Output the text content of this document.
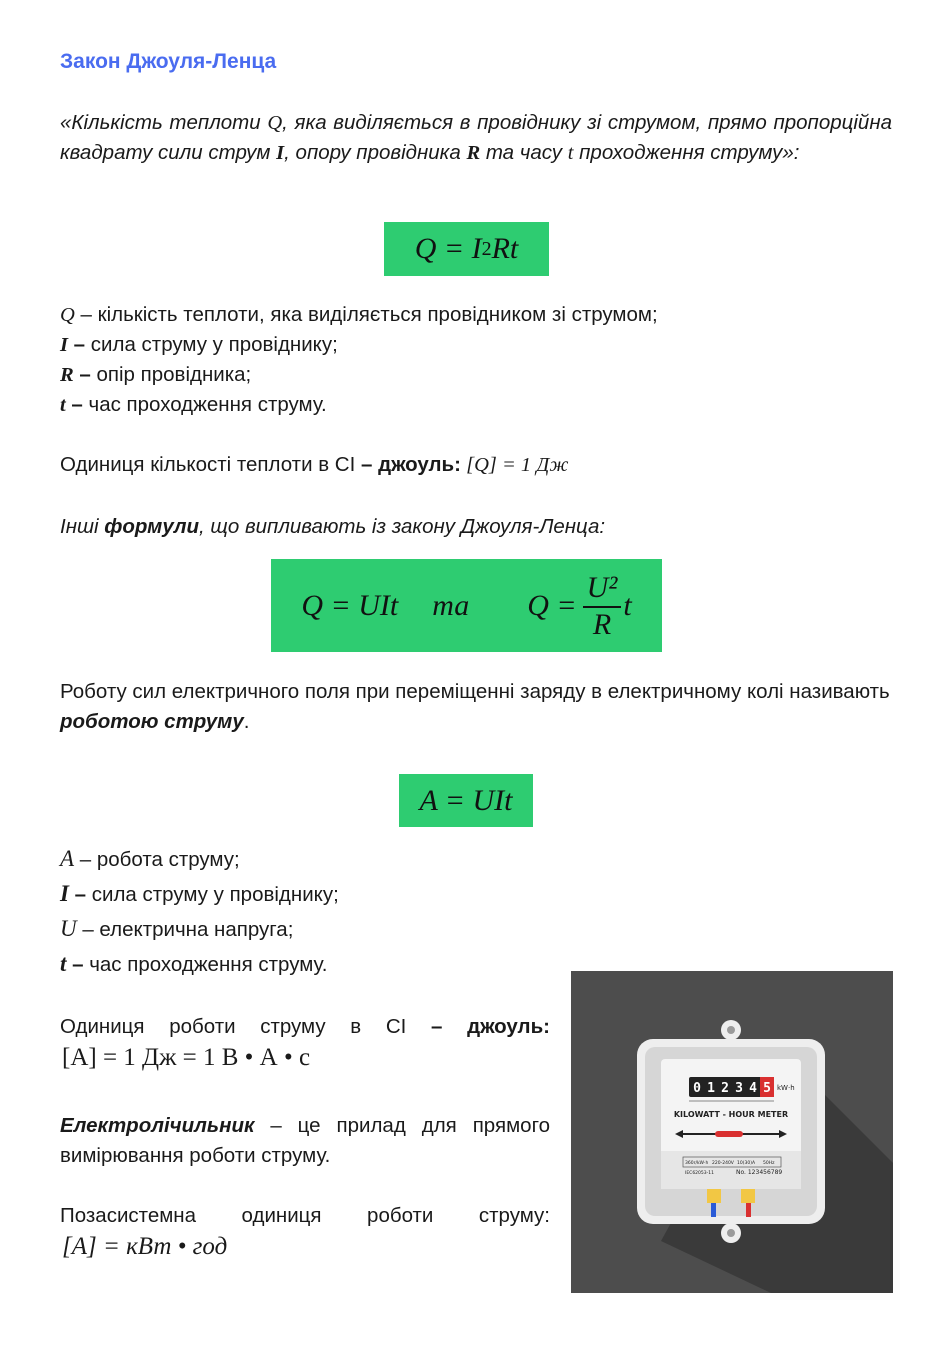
Закон Джоуля-Ленца
«Кількість теплоти Q, яка виділяється в провіднику зі струмом, прямо пропорційна квадрату сили струм I, опору провідника R та часу t проходження струму»:
Q = I 2 Rt
Q – кількість теплоти, яка виділяється провідником зі струмом;
I – сила струму у провіднику;
R – опір провідника;
t – час проходження струму.
Одиниця кількості теплоти в СІ – джоуль: [Q] = 1 Дж
Інші формули, що випливають із закону Джоуля-Ленца:
Q = UIt та $Q = \frac{\text{U²}}{R}$ t
Роботу сил електричного поля при переміщенні заряду в електричному колі називають роботою струму.
A = UIt
A – робота струму;
I – сила струму у провіднику;
U – електрична напруга;
t – час проходження струму.
Одиниця роботи струму в СІ – джоуль:
[A] = 1 Дж = 1 В • А • с
Електролічильник – це прилад для прямого вимірювання роботи струму.
Позасистемна одиниця роботи струму:
[A] = кВт • год
0 1 2 3 4 5 kW·h
KILOWATT - HOUR METER
360r/kW·h 220-240V 10(30)A 50Hz
IEC62053-11	No. 123456789
